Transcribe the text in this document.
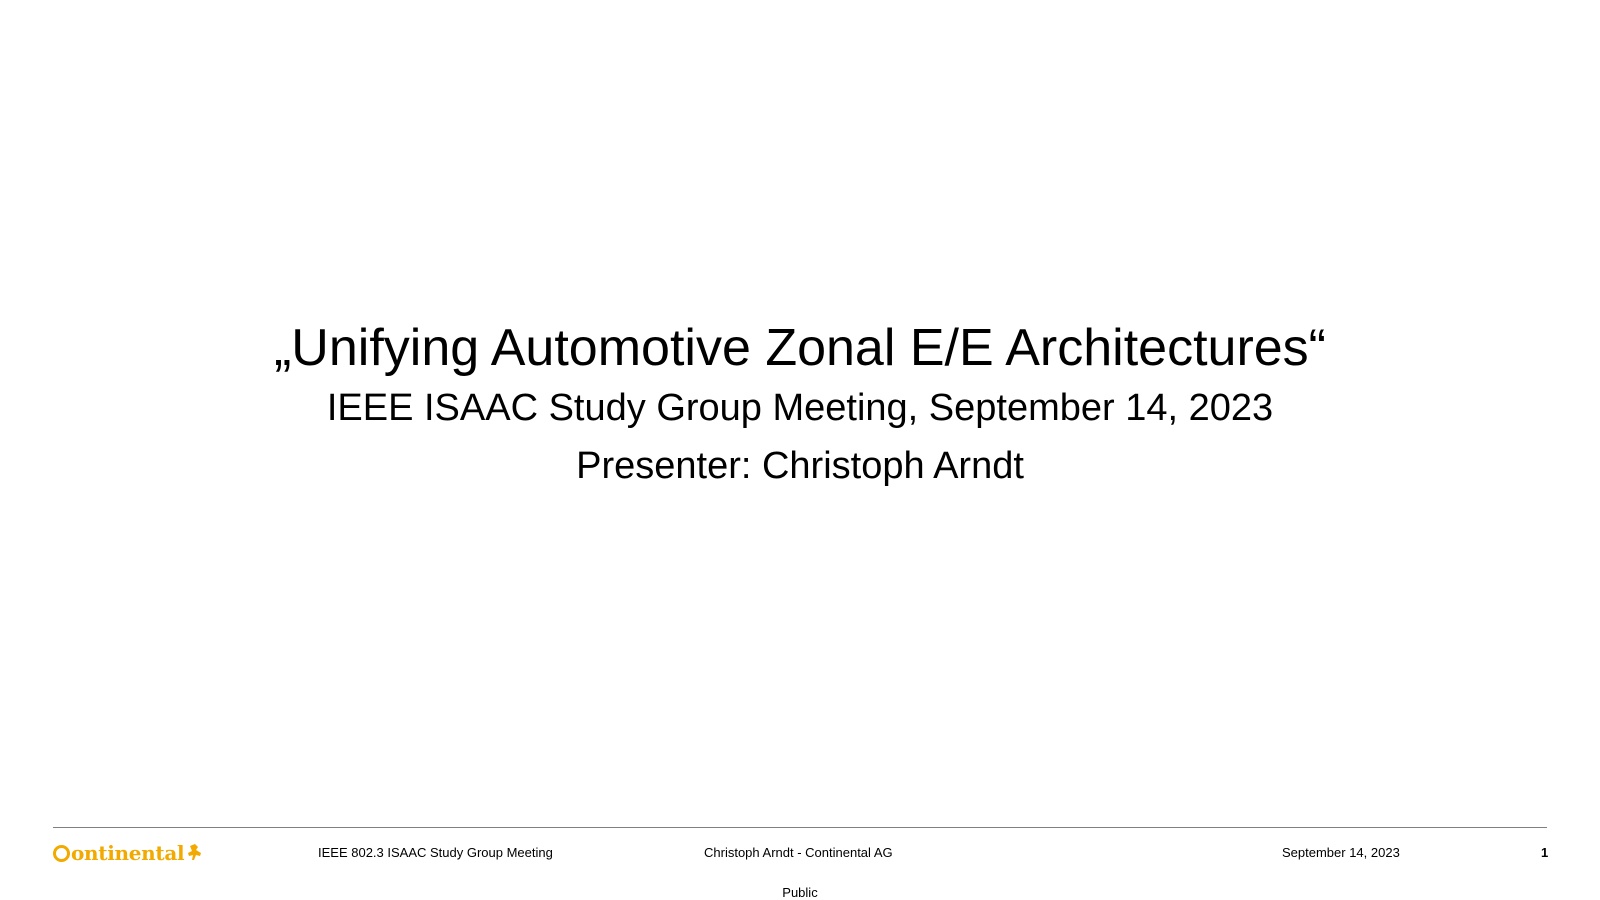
„Unifying Automotive Zonal E/E Architectures“
IEEE ISAAC Study Group Meeting, September 14, 2023
Presenter: Christoph Arndt
ontinental	IEEE 802.3 ISAAC Study Group Meeting	Christoph Arndt - Continental AG	September 14, 2023	1
Public
